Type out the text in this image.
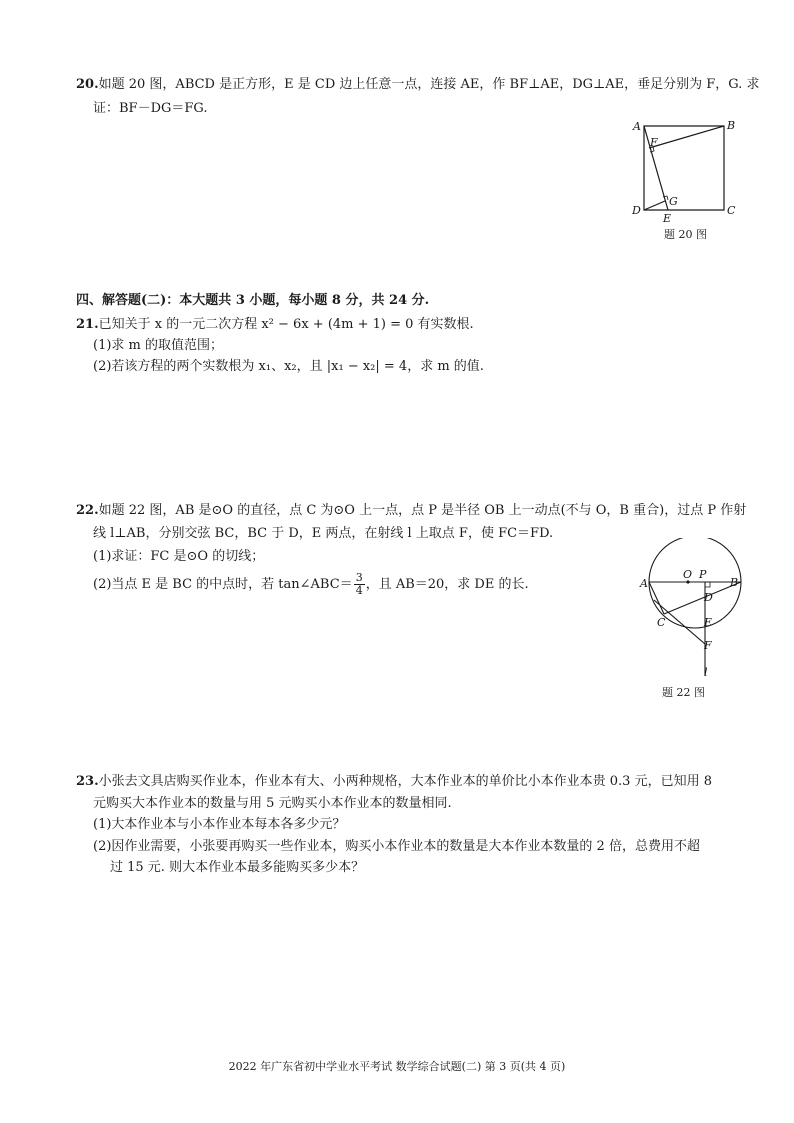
20.如题 20 图，ABCD 是正方形，E 是 CD 边上任意一点，连接 AE，作 BF⊥AE，DG⊥AE，垂足分别为 F，G. 求
证：BF－DG＝FG.
A	B
F
G
D	C
E
题 20 图
四、解答题(二)：本大题共 3 小题，每小题 8 分，共 24 分.
21.已知关于 x 的一元二次方程 x² − 6x + (4m + 1) = 0 有实数根.
(1)求 m 的取值范围；
(2)若该方程的两个实数根为 x₁、x₂，且 |x₁ − x₂| = 4，求 m 的值.
22.如题 22 图，AB 是⊙O 的直径，点 C 为⊙O 上一点，点 P 是半径 OB 上一动点(不与 O，B 重合)，过点 P 作射
线 l⊥AB，分别交弦 BC，BC 于 D，E 两点，在射线 l 上取点 F，使 FC＝FD.
(1)求证：FC 是⊙O 的切线；
(2)当点 E 是 BC 的中点时，若 tan∠ABC＝ $\frac{3}{4}$ ，且 AB＝20，求 DE 的长.	A
O P
B
D
C	E
F
l
题 22 图
23.小张去文具店购买作业本，作业本有大、小两种规格，大本作业本的单价比小本作业本贵 0.3 元，已知用 8
元购买大本作业本的数量与用 5 元购买小本作业本的数量相同.
(1)大本作业本与小本作业本每本各多少元？
(2)因作业需要，小张要再购买一些作业本，购买小本作业本的数量是大本作业本数量的 2 倍，总费用不超
过 15 元. 则大本作业本最多能购买多少本？
2022 年广东省初中学业水平考试 数学综合试题(二) 第 3 页(共 4 页)
